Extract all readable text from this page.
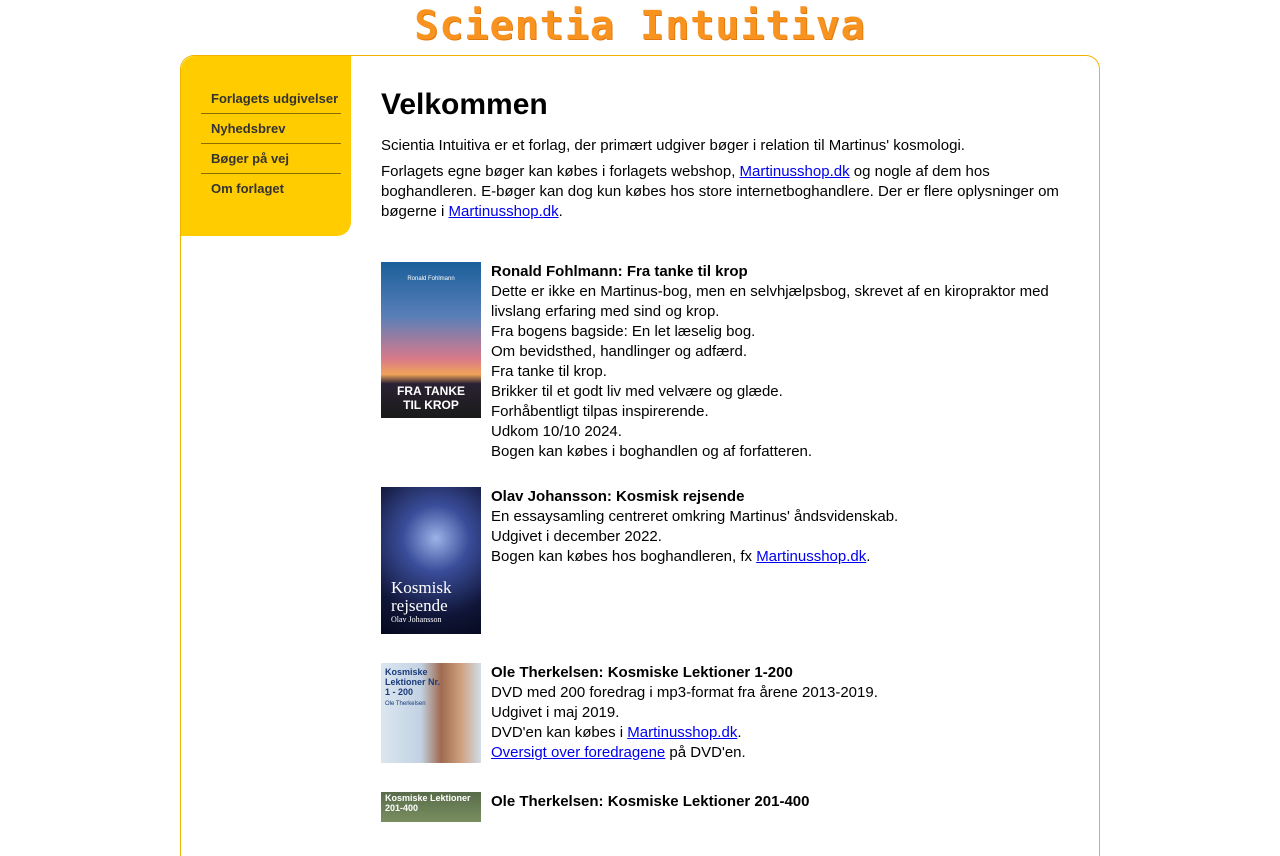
Scientia Intuitiva
Forlagets udgivelser
Nyhedsbrev
Bøger på vej
Om forlaget
Velkommen

Scientia Intuitiva er et forlag, der primært udgiver bøger i relation til Martinus' kosmologi.

Forlagets egne bøger kan købes i forlagets webshop, Martinusshop.dk og nogle af dem hos boghandleren. E-bøger kan dog kun købes hos store internetboghandlere. Der er flere oplysninger om bøgerne i Martinusshop.dk.

Ronald Fohlmann
FRA TANKE TIL KROP
Ronald Fohlmann: Fra tanke til krop
Dette er ikke en Martinus-bog, men en selvhjælpsbog, skrevet af en kiropraktor med livslang erfaring med sind og krop.
Fra bogens bagside: En let læselig bog.
Om bevidsthed, handlinger og adfærd.
Fra tanke til krop.
Brikker til et godt liv med velvære og glæde.
Forhåbentligt tilpas inspirerende.
Udkom 10/10 2024.
Bogen kan købes i boghandlen og af forfatteren.
Kosmisk rejsende
Olav Johansson
Olav Johansson: Kosmisk rejsende
En essaysamling centreret omkring Martinus' åndsvidenskab.
Udgivet i december 2022.
Bogen kan købes hos boghandleren, fx Martinusshop.dk.
Kosmiske Lektioner Nr. 1 - 200
Ole Therkelsen
Ole Therkelsen: Kosmiske Lektioner 1-200
DVD med 200 foredrag i mp3-format fra årene 2013-2019.
Udgivet i maj 2019.
DVD'en kan købes i Martinusshop.dk.
Oversigt over foredragene på DVD'en.
Kosmiske Lektioner 201-400	Ole Therkelsen: Kosmiske Lektioner 201-400
